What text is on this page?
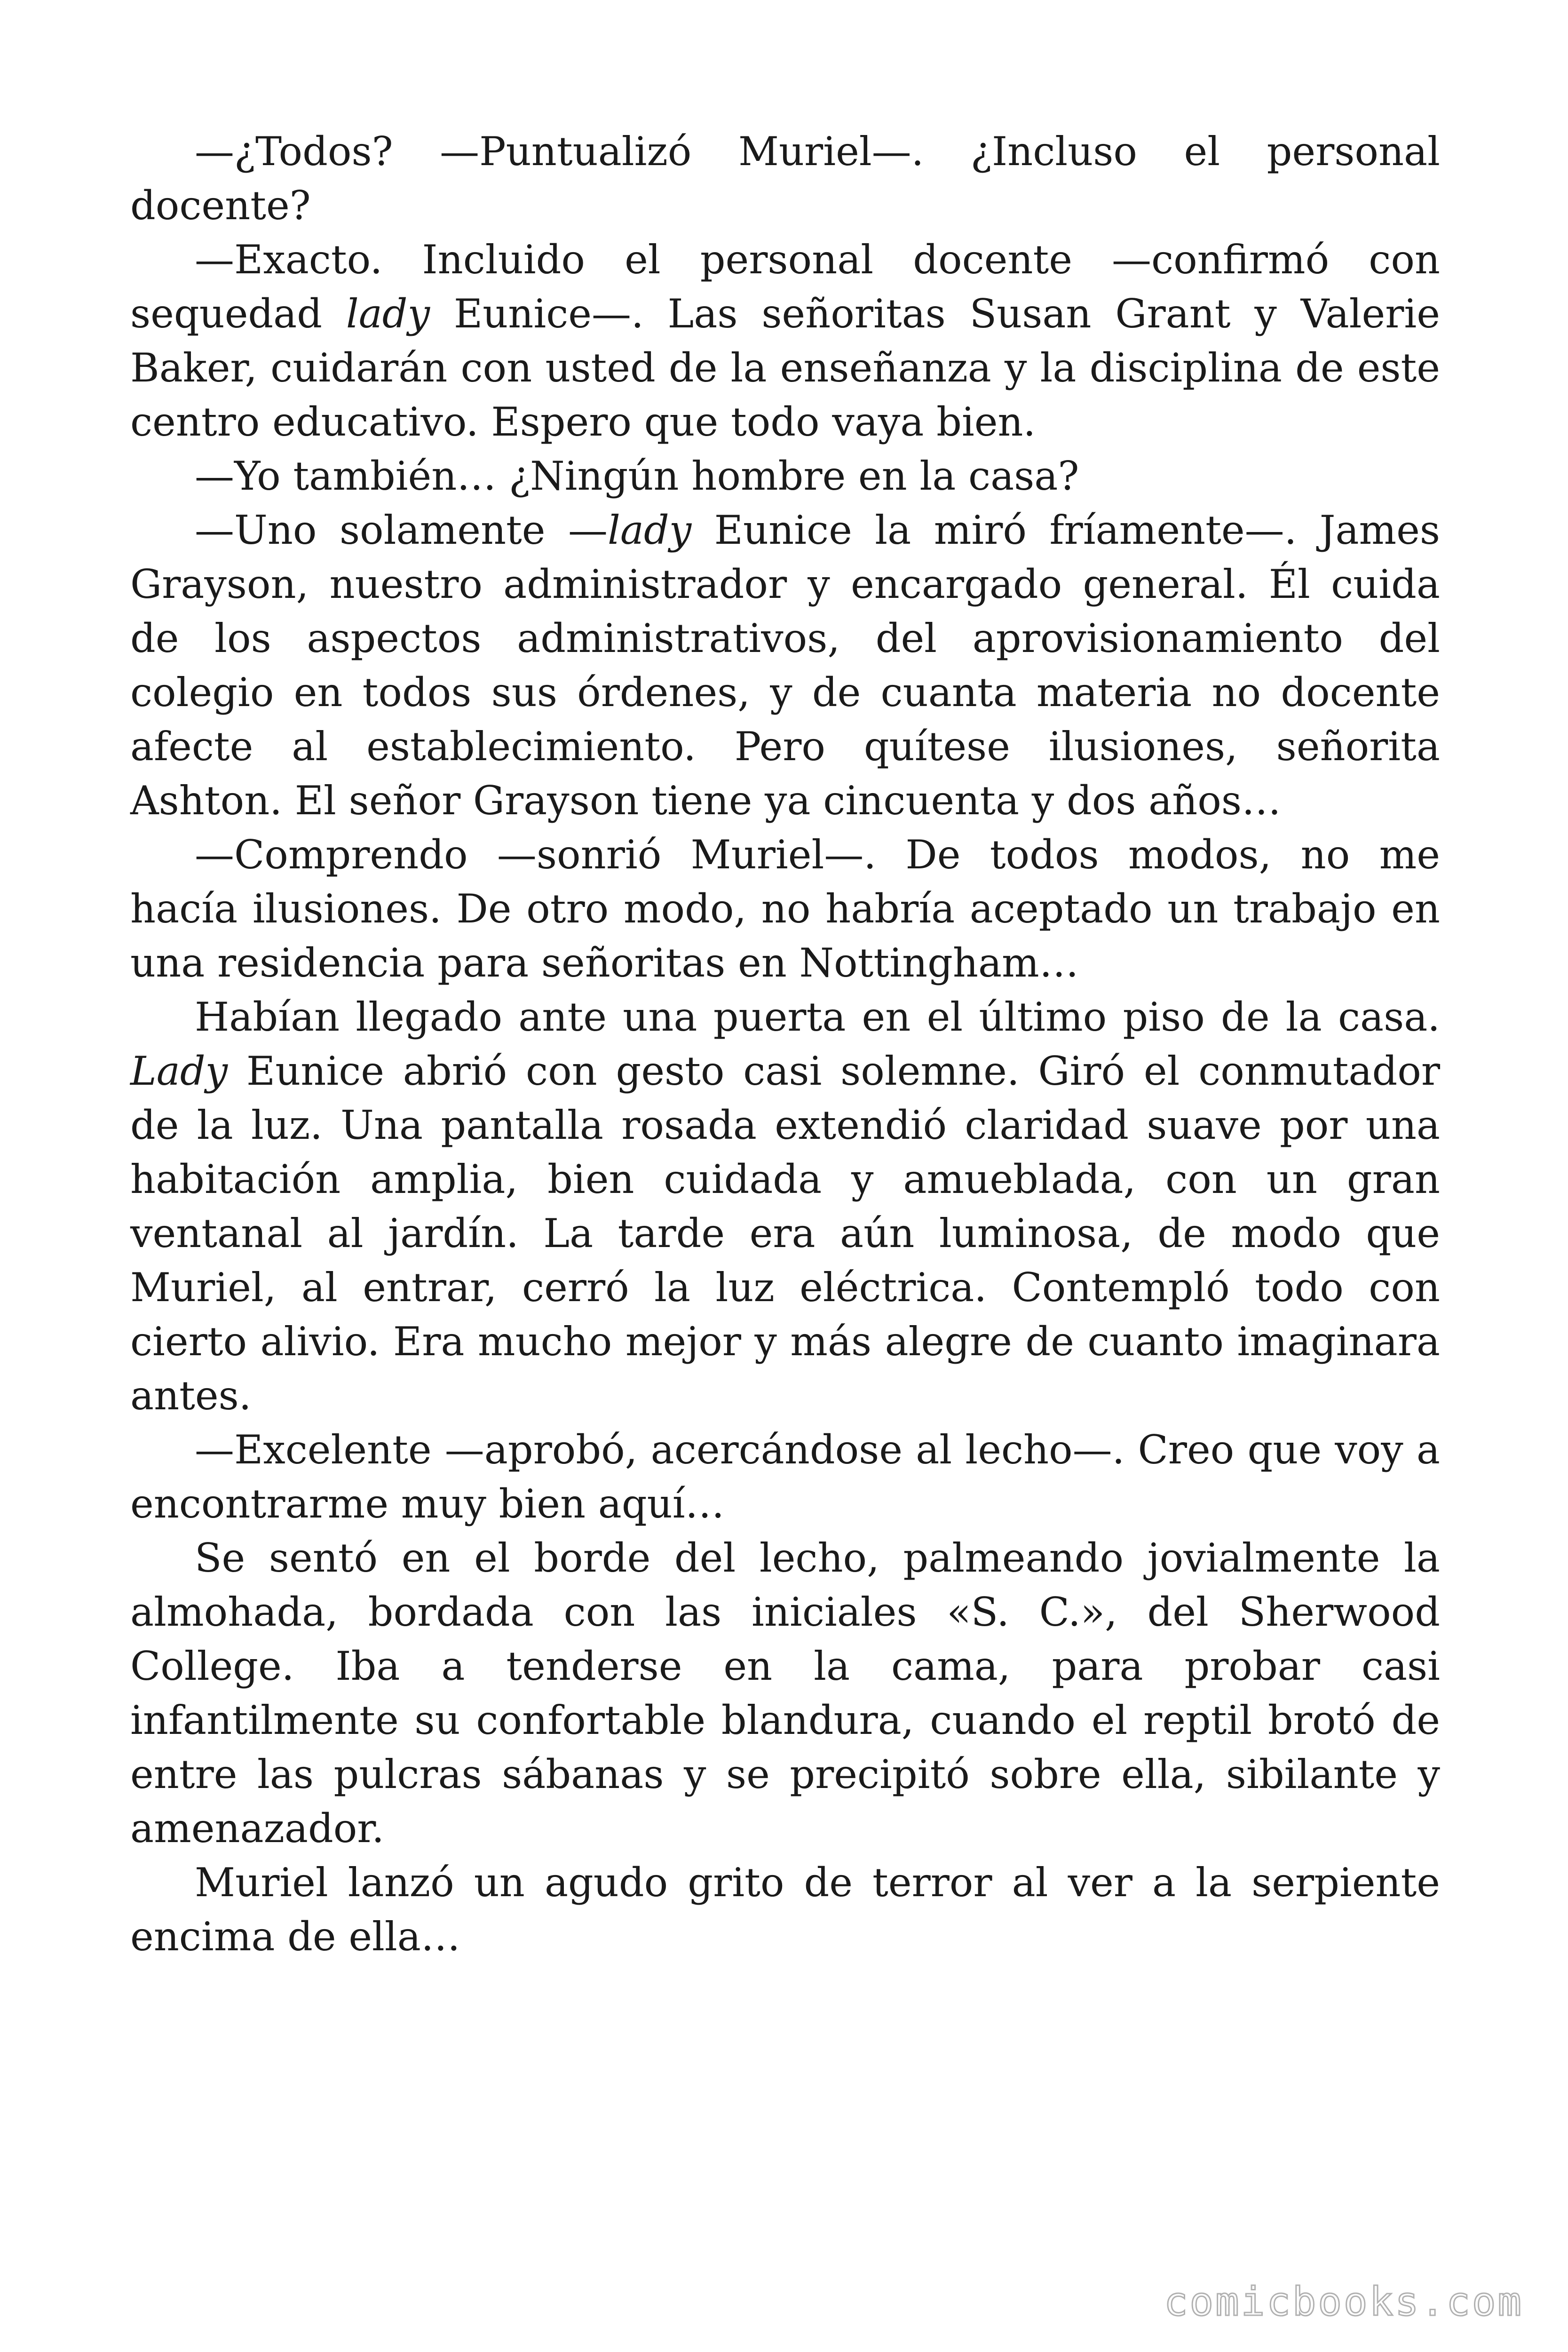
—¿Todos? —Puntualizó Muriel—. ¿Incluso el personal docente?

—Exacto. Incluido el personal docente —confirmó con sequedad lady Eunice—. Las señoritas Susan Grant y Valerie Baker, cuidarán con usted de la enseñanza y la disciplina de este centro educativo. Espero que todo vaya bien.

—Yo también… ¿Ningún hombre en la casa?

—Uno solamente —lady Eunice la miró fríamente—. James Grayson, nuestro administrador y encargado general. Él cuida de los aspectos administrativos, del aprovisionamiento del colegio en todos sus órdenes, y de cuanta materia no docente afecte al establecimiento. Pero quítese ilusiones, señorita Ashton. El señor Grayson tiene ya cincuenta y dos años…

—Comprendo —sonrió Muriel—. De todos modos, no me hacía ilusiones. De otro modo, no habría aceptado un trabajo en una residencia para señoritas en Nottingham…

Habían llegado ante una puerta en el último piso de la casa. Lady Eunice abrió con gesto casi solemne. Giró el conmutador de la luz. Una pantalla rosada extendió claridad suave por una habitación amplia, bien cuidada y amueblada, con un gran ventanal al jardín. La tarde era aún luminosa, de modo que Muriel, al entrar, cerró la luz eléctrica. Contempló todo con cierto alivio. Era mucho mejor y más alegre de cuanto imaginara antes.

—Excelente —aprobó, acercándose al lecho—. Creo que voy a encontrarme muy bien aquí…

Se sentó en el borde del lecho, palmeando jovialmente la almohada, bordada con las iniciales «S. C.», del Sherwood College. Iba a tenderse en la cama, para probar casi infantilmente su confortable blandura, cuando el reptil brotó de entre las pulcras sábanas y se precipitó sobre ella, sibilante y amenazador.

Muriel lanzó un agudo grito de terror al ver a la serpiente encima de ella…

comicbooks.com
